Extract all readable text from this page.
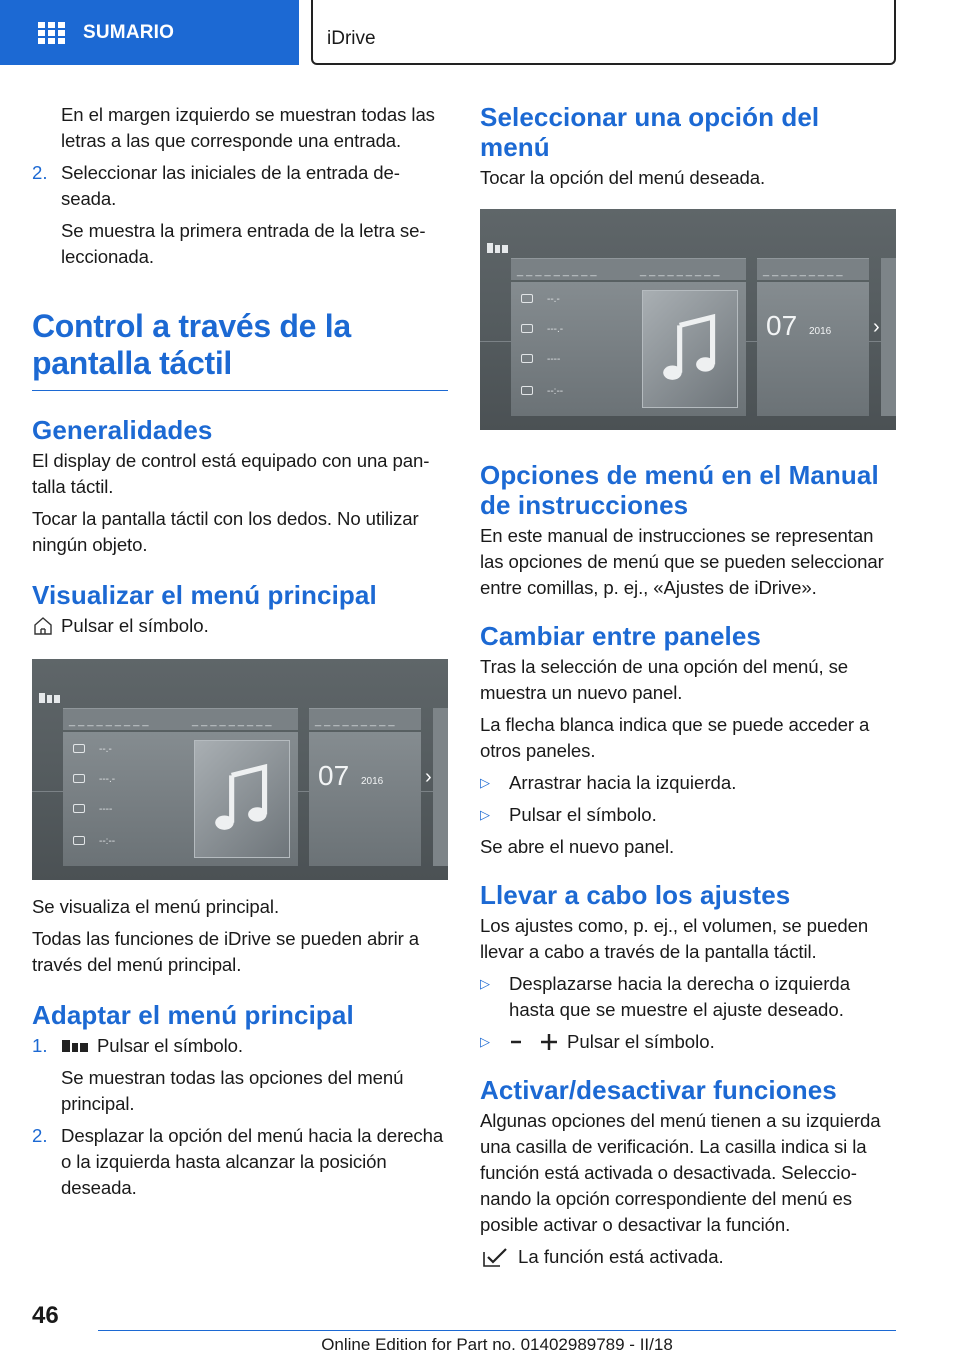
SUMARIO	iDrive

En el margen izquierdo se muestran todas las letras a las que corresponde una entrada.

2. Seleccionar las iniciales de la entrada deseada.

Se muestra la primera entrada de la letra seleccionada.

Control a través de la pantalla táctil
Generalidades

El display de control está equipado con una pantalla táctil.

Tocar la pantalla táctil con los dedos. No utilizar ningún objeto.

Visualizar el menú principal
Pulsar el símbolo.
_ _ _ _ _ _ _ _ _
--.-
---.-
----
--:--
_ _ _ _ _ _ _ _ _	_ _ _ _ _ _ _ _ _
07 2016 ›

Se visualiza el menú principal.

Todas las funciones de iDrive se pueden abrir a través del menú principal.

Adaptar el menú principal
1.	Pulsar el símbolo.

Se muestran todas las opciones del menú principal.

2. Desplazar la opción del menú hacia la derecha o la izquierda hasta alcanzar la posición deseada.

Seleccionar una opción del menú

Tocar la opción del menú deseada.

_ _ _ _ _ _ _ _ _
--.-
---.-
----
--:--
_ _ _ _ _ _ _ _ _	_ _ _ _ _ _ _ _ _
07 2016 ›
Opciones de menú en el Manual de instrucciones

En este manual de instrucciones se representan las opciones de menú que se pueden seleccionar entre comillas, p. ej., «Ajustes de iDrive».

Cambiar entre paneles

Tras la selección de una opción del menú, se muestra un nuevo panel.

La flecha blanca indica que se puede acceder a otros paneles.

▷	Arrastrar hacia la izquierda.
▷	Pulsar el símbolo.

Se abre el nuevo panel.

Llevar a cabo los ajustes

Los ajustes como, p. ej., el volumen, se pueden llevar a cabo a través de la pantalla táctil.

▷	Desplazarse hacia la derecha o izquierda hasta que se muestre el ajuste deseado.
▷	Pulsar el símbolo.
Activar/desactivar funciones

Algunas opciones del menú tienen a su izquierda una casilla de verificación. La casilla indica si la función está activada o desactivada. Seleccionando la opción correspondiente del menú es posible activar o desactivar la función.

La función está activada.
46
Online Edition for Part no. 01402989789 - II/18
